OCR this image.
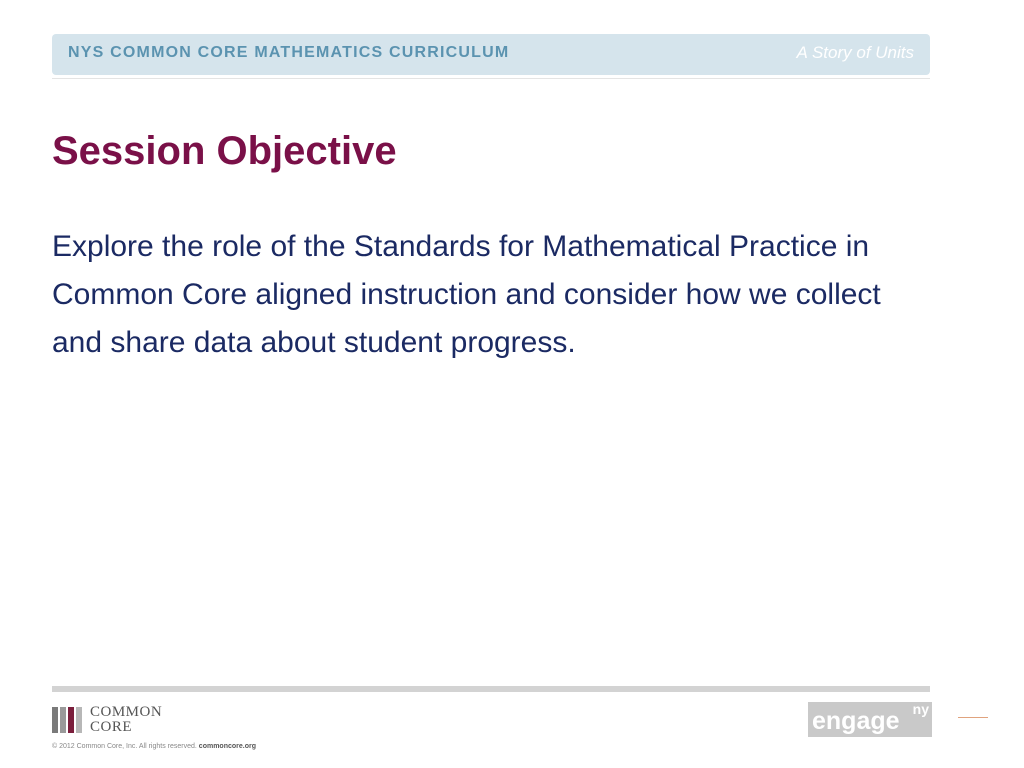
NYS COMMON CORE MATHEMATICS CURRICULUM	A Story of Units
Session Objective
Explore the role of the Standards for Mathematical Practice in Common Core aligned instruction and consider how we collect and share data about student progress.
COMMON
CORE
© 2012 Common Core, Inc. All rights reserved. commoncore.org
engage ny
